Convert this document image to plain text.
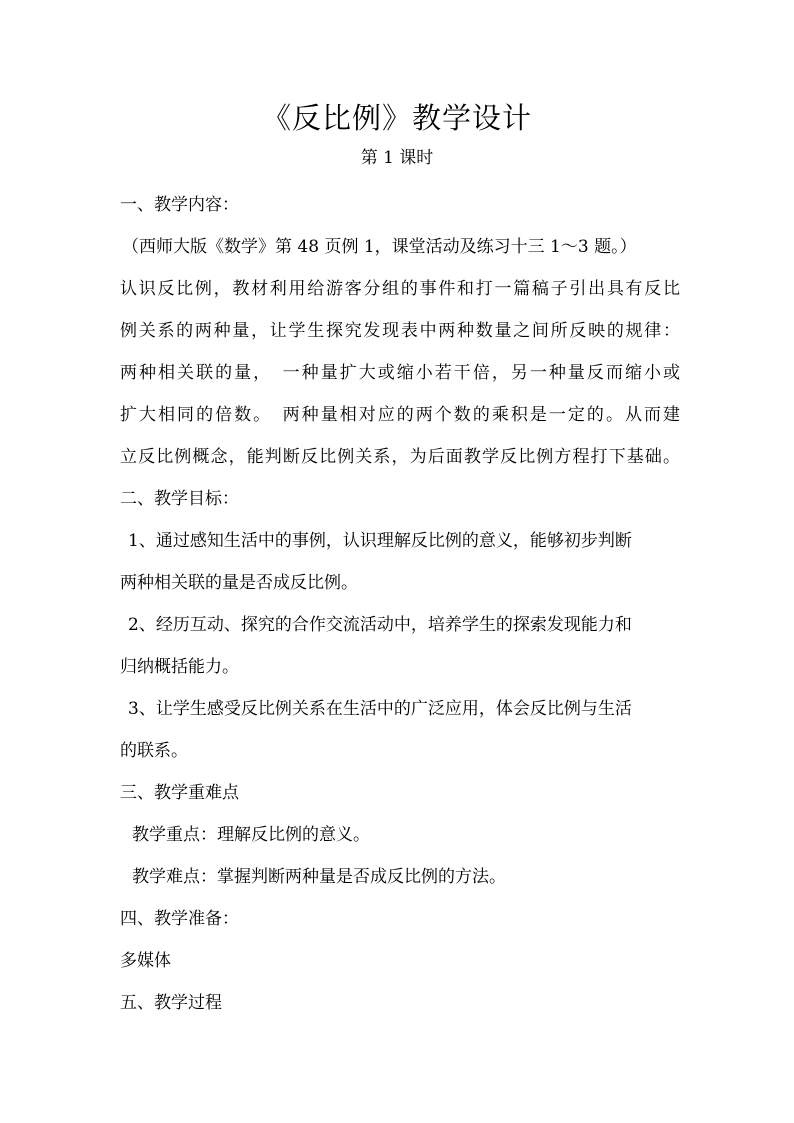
《反比例》教学设计
第 1 课时
一、教学内容：
（西师大版《数学》第 48 页例 1，课堂活动及练习十三 1～3 题。）
认识反比例，教材利用给游客分组的事件和打一篇稿子引出具有反比
例关系的两种量，让学生探究发现表中两种数量之间所反映的规律：
两种相关联的量，　一种量扩大或缩小若干倍，另一种量反而缩小或
扩大相同的倍数。　两种量相对应的两个数的乘积是一定的。从而建
立反比例概念，能判断反比例关系，为后面教学反比例方程打下基础。
二、教学目标：
1、通过感知生活中的事例，认识理解反比例的意义，能够初步判断
两种相关联的量是否成反比例。
2、经历互动、探究的合作交流活动中，培养学生的探索发现能力和
归纳概括能力。
3、让学生感受反比例关系在生活中的广泛应用，体会反比例与生活
的联系。
三、教学重难点
教学重点：理解反比例的意义。
教学难点：掌握判断两种量是否成反比例的方法。
四、教学准备：
多媒体
五、教学过程
